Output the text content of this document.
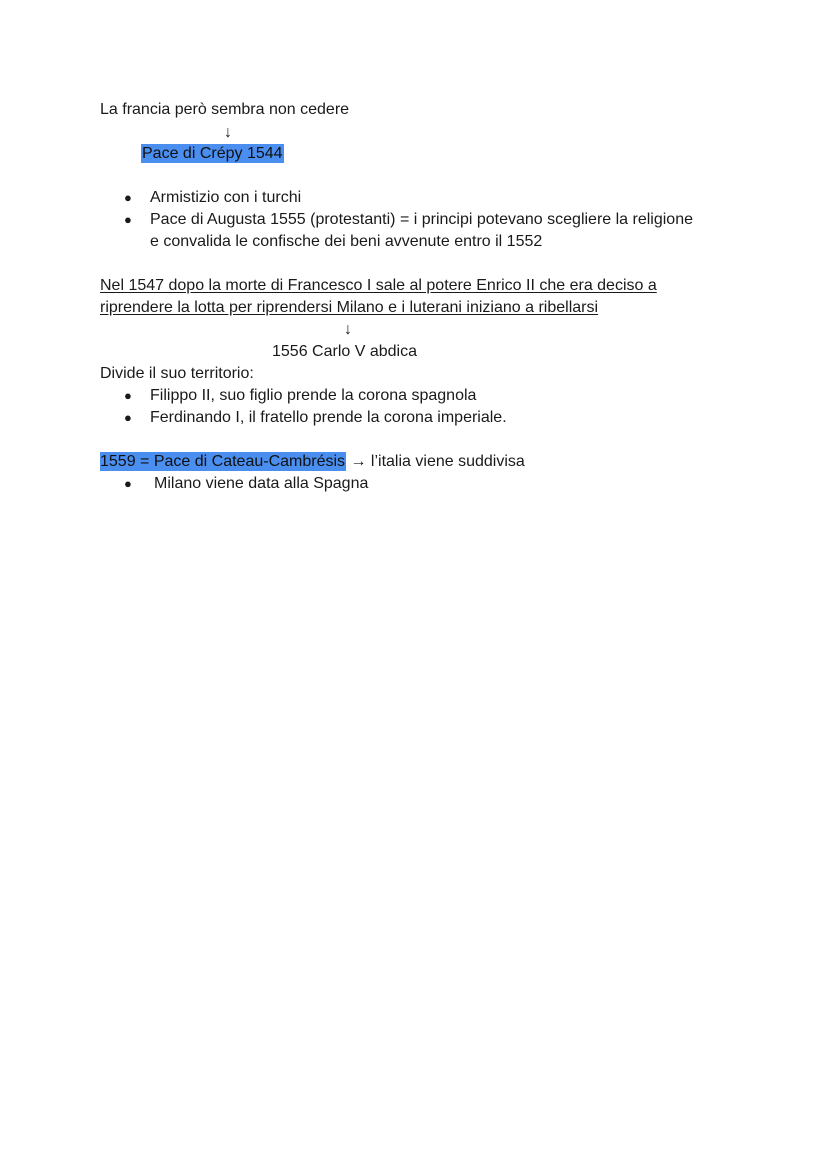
La francia però sembra non cedere
↓
Pace di Crépy 1544
● Armistizio con i turchi
● Pace di Augusta 1555 (protestanti) = i principi potevano scegliere la religione
e convalida le confische dei beni avvenute entro il 1552
Nel 1547 dopo la morte di Francesco I sale al potere Enrico II che era deciso a
riprendere la lotta per riprendersi Milano e i luterani iniziano a ribellarsi
↓
1556 Carlo V abdica
Divide il suo territorio:
● Filippo II, suo figlio prende la corona spagnola
● Ferdinando I, il fratello prende la corona imperiale.
1559 = Pace di Cateau-Cambrésis → l’italia viene suddivisa
● Milano viene data alla Spagna
